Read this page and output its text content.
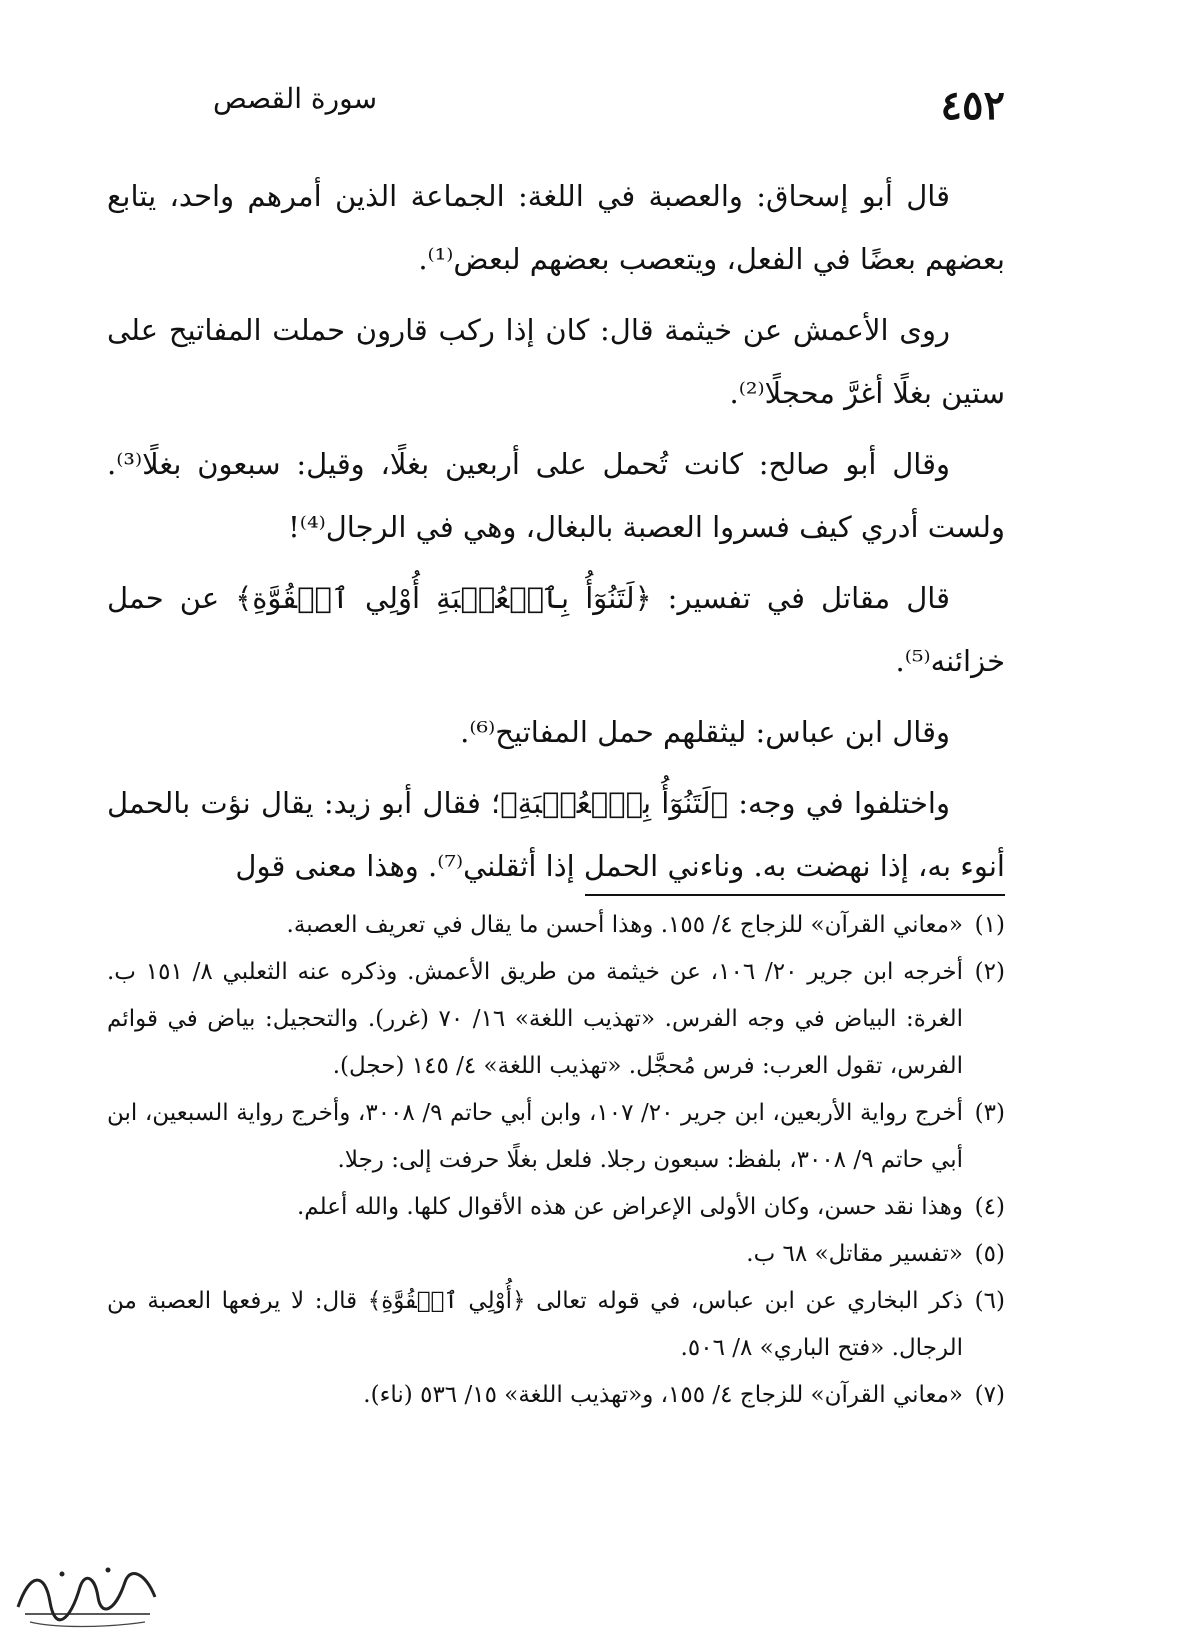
٤٥٢
سورة القصص

قال أبو إسحاق: والعصبة في اللغة: الجماعة الذين أمرهم واحد، يتابع بعضهم بعضًا في الفعل، ويتعصب بعضهم لبعض⁽¹⁾.

روى الأعمش عن خيثمة قال: كان إذا ركب قارون حملت المفاتيح على ستين بغلًا أغرَّ محجلًا⁽²⁾.

وقال أبو صالح: كانت تُحمل على أربعين بغلًا، وقيل: سبعون بغلًا⁽³⁾. ولست أدري كيف فسروا العصبة بالبغال، وهي في الرجال⁽⁴⁾!

قال مقاتل في تفسير: ﴿لَتَنُوٓأُ بِٱلۡعُصۡبَةِ أُوْلِي ٱلۡقُوَّةِ﴾ عن حمل خزائنه⁽⁵⁾.

وقال ابن عباس: ليثقلهم حمل المفاتيح⁽⁶⁾.

واختلفوا في وجه: ﴿لَتَنُوٓأُ بِٱلۡعُصۡبَةِ﴾؛ فقال أبو زيد: يقال نؤت بالحمل أنوء به، إذا نهضت به. وناءني الحمل إذا أثقلني⁽⁷⁾. وهذا معنى قول

(١)
«معاني القرآن» للزجاج ٤/ ١٥٥. وهذا أحسن ما يقال في تعريف العصبة.
(٢)
أخرجه ابن جرير ٢٠/ ١٠٦، عن خيثمة من طريق الأعمش. وذكره عنه الثعلبي ٨/ ١٥١ ب. الغرة: البياض في وجه الفرس. «تهذيب اللغة» ١٦/ ٧٠ (غرر). والتحجيل: بياض في قوائم الفرس، تقول العرب: فرس مُحجَّل. «تهذيب اللغة» ٤/ ١٤٥ (حجل).
(٣)
أخرج رواية الأربعين، ابن جرير ٢٠/ ١٠٧، وابن أبي حاتم ٩/ ٣٠٠٨، وأخرج رواية السبعين، ابن أبي حاتم ٩/ ٣٠٠٨، بلفظ: سبعون رجلا. فلعل بغلًا حرفت إلى: رجلا.
(٤)
وهذا نقد حسن، وكان الأولى الإعراض عن هذه الأقوال كلها. والله أعلم.
(٥)
«تفسير مقاتل» ٦٨ ب.
(٦)
ذكر البخاري عن ابن عباس، في قوله تعالى ﴿أُوْلِي ٱلۡقُوَّةِ﴾ قال: لا يرفعها العصبة من الرجال. «فتح الباري» ٨/ ٥٠٦.
(٧)
«معاني القرآن» للزجاج ٤/ ١٥٥، و«تهذيب اللغة» ١٥/ ٥٣٦ (ناء).
